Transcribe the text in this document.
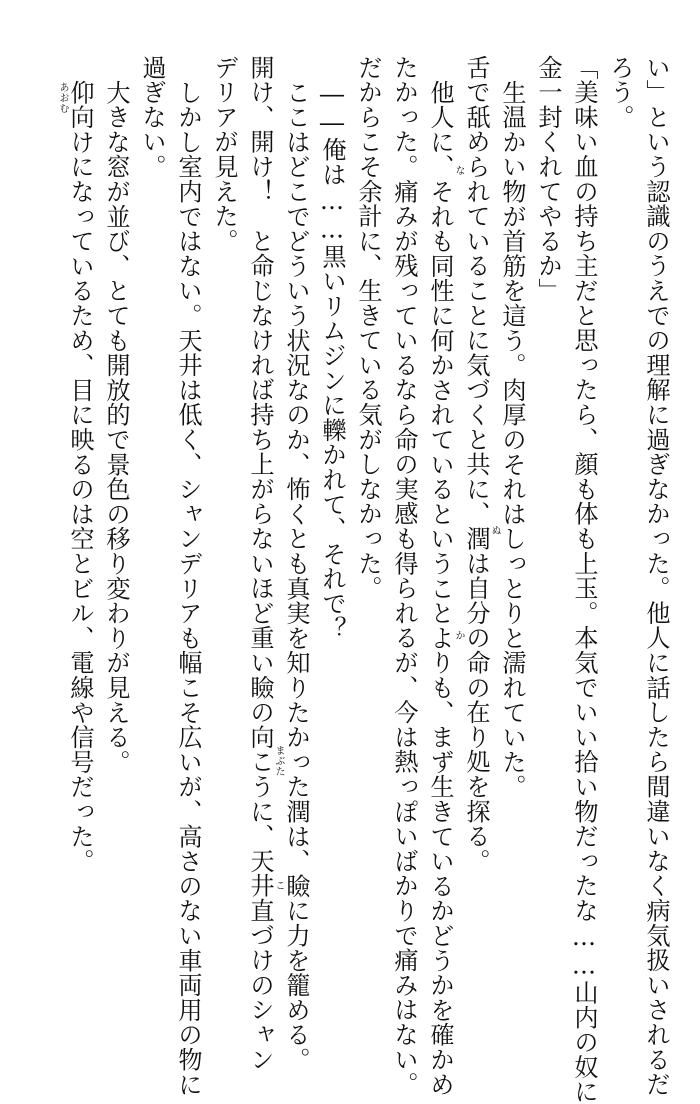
い」という認識のうえでの理解に過ぎなかった。他人に話したら間違いなく病気扱いされるだ
ろう。
「美味い血の持ち主だと思ったら、顔も体も上玉。本気でいい拾い物だったな……山内の奴に
金一封くれてやるか」
生温かい物が首筋を這う。肉厚のそれはしっとりと濡れていた。
舌で舐められていることに気づくと共に、潤は自分の命の在り処を探る。
他人に、それも同性に何かされているということよりも、まず生きているかどうかを確かめ
たかった。痛みが残っているなら命の実感も得られるが、今は熱っぽいばかりで痛みはない。
だからこそ余計に、生きている気がしなかった。
――俺は……黒いリムジンに轢かれて、それで？
ここはどこでどういう状況なのか、怖くとも真実を知りたかった潤は、瞼に力を籠める。
開け、開け！　と命じなければ持ち上がらないほど重い瞼の向こうに、天井直づけのシャン
デリアが見えた。
しかし室内ではない。天井は低く、シャンデリアも幅こそ広いが、高さのない車両用の物に
過ぎない。
大きな窓が並び、とても開放的で景色の移り変わりが見える。
仰向けになっているため、目に映るのは空とビル、電線や信号だった。	ぬ
な
か
まぶた
こ
あおむ
